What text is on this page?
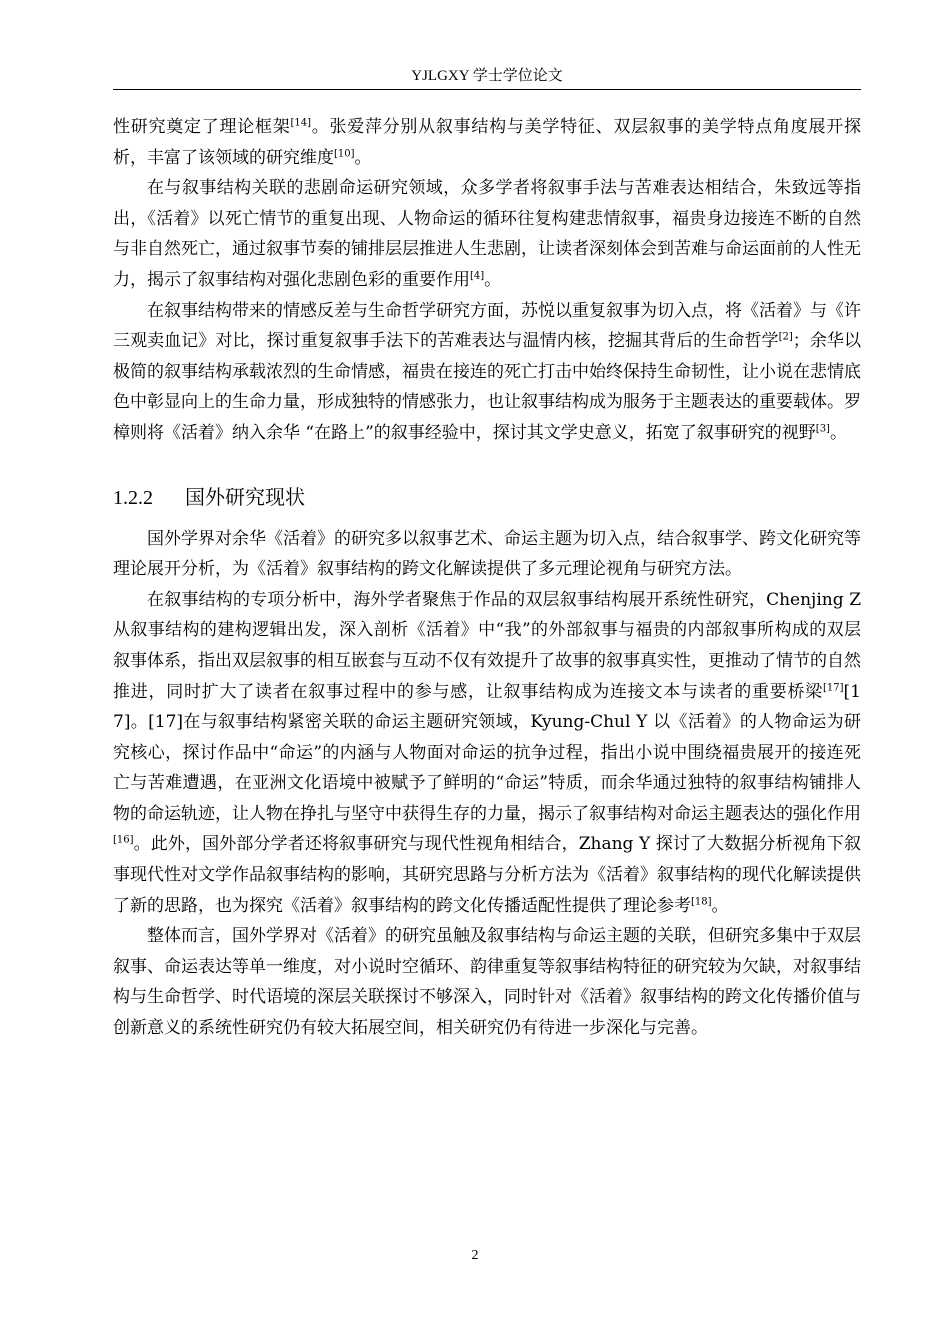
YJLGXY 学士学位论文

性研究奠定了理论框架[14]。张爱萍分别从叙事结构与美学特征、双层叙事的美学特点角度展开探析，丰富了该领域的研究维度[10]。

在与叙事结构关联的悲剧命运研究领域，众多学者将叙事手法与苦难表达相结合，朱致远等指出，《活着》以死亡情节的重复出现、人物命运的循环往复构建悲情叙事，福贵身边接连不断的自然与非自然死亡，通过叙事节奏的铺排层层推进人生悲剧，让读者深刻体会到苦难与命运面前的人性无力，揭示了叙事结构对强化悲剧色彩的重要作用[4]。

在叙事结构带来的情感反差与生命哲学研究方面，苏悦以重复叙事为切入点，将《活着》与《许三观卖血记》对比，探讨重复叙事手法下的苦难表达与温情内核，挖掘其背后的生命哲学[2]；余华以极简的叙事结构承载浓烈的生命情感，福贵在接连的死亡打击中始终保持生命韧性，让小说在悲情底色中彰显向上的生命力量，形成独特的情感张力，也让叙事结构成为服务于主题表达的重要载体。罗樟则将《活着》纳入余华 “在路上”的叙事经验中，探讨其文学史意义，拓宽了叙事研究的视野[3]。

1.2.2 国外研究现状

国外学界对余华《活着》的研究多以叙事艺术、命运主题为切入点，结合叙事学、跨文化研究等理论展开分析，为《活着》叙事结构的跨文化解读提供了多元理论视角与研究方法。

在叙事结构的专项分析中，海外学者聚焦于作品的双层叙事结构展开系统性研究，Chenjing Z 从叙事结构的建构逻辑出发，深入剖析《活着》中“我”的外部叙事与福贵的内部叙事所构成的双层叙事体系，指出双层叙事的相互嵌套与互动不仅有效提升了故事的叙事真实性，更推动了情节的自然推进，同时扩大了读者在叙事过程中的参与感，让叙事结构成为连接文本与读者的重要桥梁[17][17]。[17]在与叙事结构紧密关联的命运主题研究领域，Kyung-Chul Y 以《活着》的人物命运为研究核心，探讨作品中“命运”的内涵与人物面对命运的抗争过程，指出小说中围绕福贵展开的接连死亡与苦难遭遇，在亚洲文化语境中被赋予了鲜明的“命运”特质，而余华通过独特的叙事结构铺排人物的命运轨迹，让人物在挣扎与坚守中获得生存的力量，揭示了叙事结构对命运主题表达的强化作用[16]。此外，国外部分学者还将叙事研究与现代性视角相结合，Zhang Y 探讨了大数据分析视角下叙事现代性对文学作品叙事结构的影响，其研究思路与分析方法为《活着》叙事结构的现代化解读提供了新的思路，也为探究《活着》叙事结构的跨文化传播适配性提供了理论参考[18]。

整体而言，国外学界对《活着》的研究虽触及叙事结构与命运主题的关联，但研究多集中于双层叙事、命运表达等单一维度，对小说时空循环、韵律重复等叙事结构特征的研究较为欠缺，对叙事结构与生命哲学、时代语境的深层关联探讨不够深入，同时针对《活着》叙事结构的跨文化传播价值与创新意义的系统性研究仍有较大拓展空间，相关研究仍有待进一步深化与完善。

2
